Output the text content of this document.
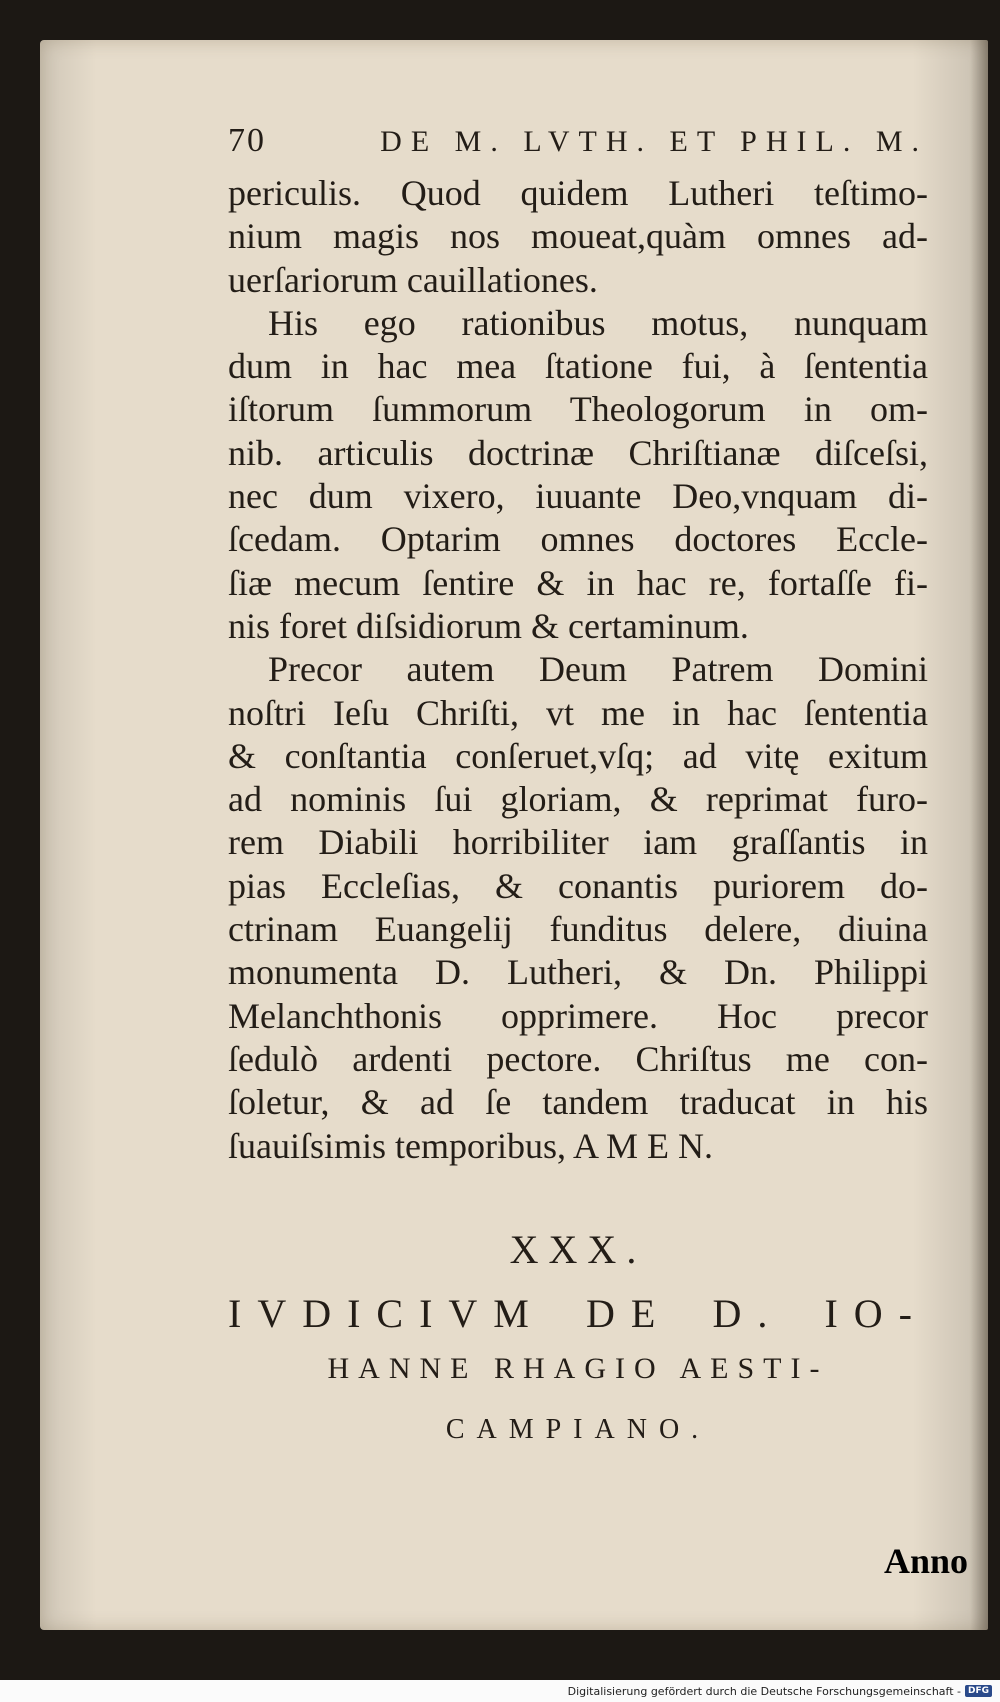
70	DE M. LVTH. ET PHIL. M.
periculis. Quod quidem Lutheri teſtimo-
nium magis nos moueat,quàm omnes ad-
uerſariorum cauillationes.
His ego rationibus motus, nunquam
dum in hac mea ſtatione fui, à ſententia
iſtorum ſummorum Theologorum in om-
nib. articulis doctrinæ Chriſtianæ diſceſsi,
nec dum vixero, iuuante Deo,vnquam di-
ſcedam. Optarim omnes doctores Eccle-
ſiæ mecum ſentire & in hac re, fortaſſe fi-
nis foret diſsidiorum & certaminum.
Precor autem Deum Patrem Domini
noſtri Ieſu Chriſti, vt me in hac ſententia
& conſtantia conſeruet,vſq; ad vitę exitum
ad nominis ſui gloriam, & reprimat furo-
rem Diabili horribiliter iam graſſantis in
pias Eccleſias, & conantis puriorem do-
ctrinam Euangelij funditus delere, diuina
monumenta D. Lutheri, & Dn. Philippi
Melanchthonis opprimere. Hoc precor
ſedulò ardenti pectore. Chriſtus me con-
ſoletur, & ad ſe tandem traducat in his
ſuauiſsimis temporibus, A M E N.
XXX.
IVDICIVM DE D. IO-
HANNE RHAGIO AESTI-
CAMPIANO.
Anno
Digitalisierung gefördert durch die Deutsche Forschungsgemeinschaft - DFG
